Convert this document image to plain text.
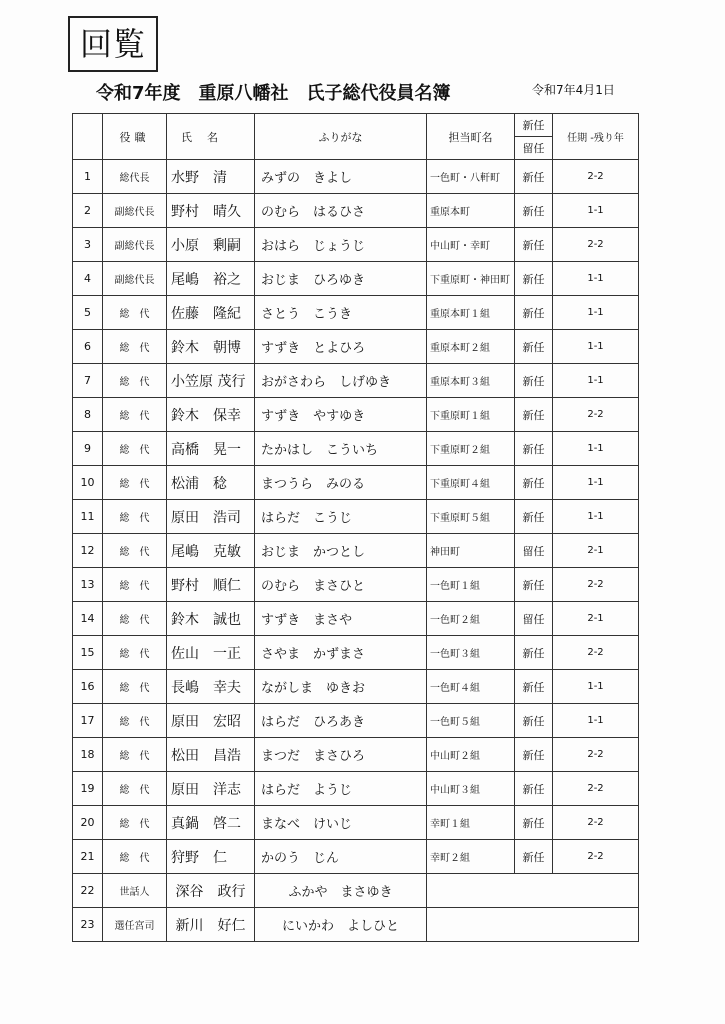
回覧
令和7年度　重原八幡社　氏子総代役員名簿	令和7年4月1日
	役職	氏　名	ふりがな	担当町名	新任	任期 -残り年
					留任	
1	総代長	水野　清	みずの　きよし	一色町・八軒町	新任	2-2
2	副総代長	野村　晴久	のむら　はるひさ	重原本町	新任	1-1
3	副総代長	小原　剰嗣	おはら　じょうじ	中山町・幸町	新任	2-2
4	副総代長	尾嶋　裕之	おじま　ひろゆき	下重原町・神田町	新任	1-1
5	総　代	佐藤　隆紀	さとう　こうき	重原本町１組	新任	1-1
6	総　代	鈴木　朝博	すずき　とよひろ	重原本町２組	新任	1-1
7	総　代	小笠原 茂行	おがさわら　しげゆき	重原本町３組	新任	1-1
8	総　代	鈴木　保幸	すずき　やすゆき	下重原町１組	新任	2-2
9	総　代	高橋　晃一	たかはし　こういち	下重原町２組	新任	1-1
10	総　代	松浦　稔	まつうら　みのる	下重原町４組	新任	1-1
11	総　代	原田　浩司	はらだ　こうじ	下重原町５組	新任	1-1
12	総　代	尾嶋　克敏	おじま　かつとし	神田町	留任	2-1
13	総　代	野村　順仁	のむら　まさひと	一色町１組	新任	2-2
14	総　代	鈴木　誠也	すずき　まさや	一色町２組	留任	2-1
15	総　代	佐山　一正	さやま　かずまさ	一色町３組	新任	2-2
16	総　代	長嶋　幸夫	ながしま　ゆきお	一色町４組	新任	1-1
17	総　代	原田　宏昭	はらだ　ひろあき	一色町５組	新任	1-1
18	総　代	松田　昌浩	まつだ　まさひろ	中山町２組	新任	2-2
19	総　代	原田　洋志	はらだ　ようじ	中山町３組	新任	2-2
20	総　代	真鍋　啓二	まなべ　けいじ	幸町１組	新任	2-2
21	総　代	狩野　仁	かのう　じん	幸町２組	新任	2-2
22	世話人	深谷　政行	ふかや　まさゆき			
23	選任宮司	新川　好仁	にいかわ　よしひと			
